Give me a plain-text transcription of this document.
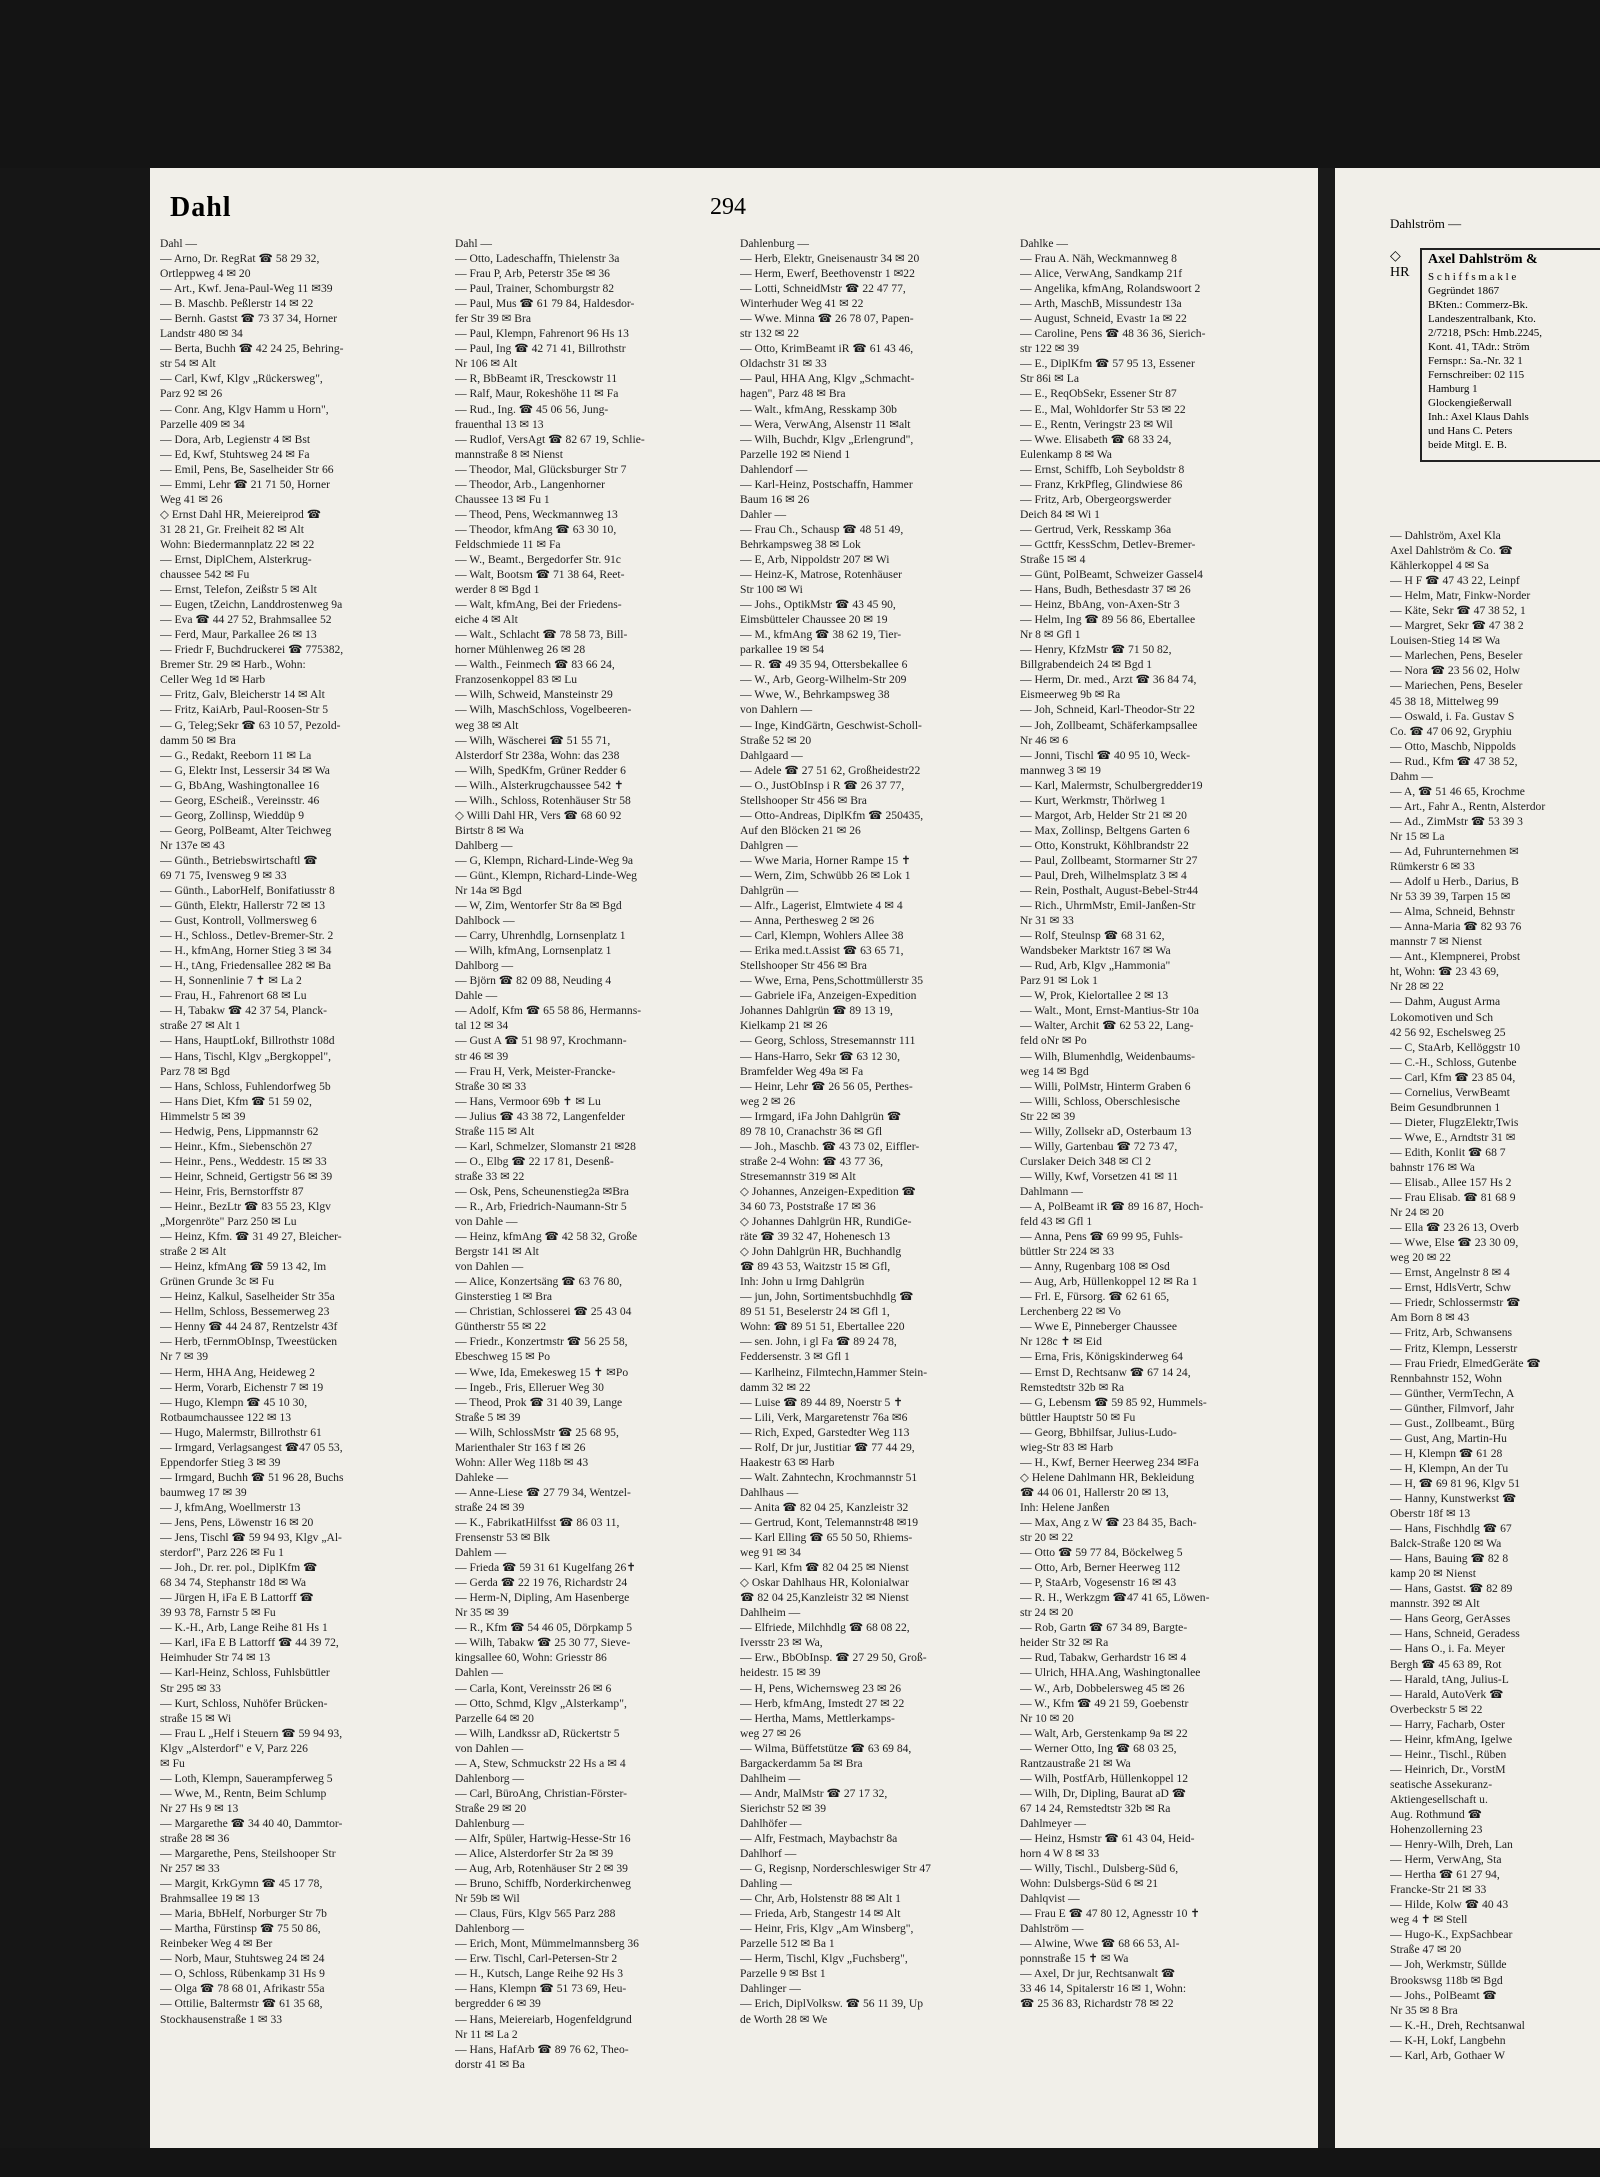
Dahl	294

Dahl —

— Arno, Dr. RegRat ☎ 58 29 32,

Ortleppweg 4 ✉ 20

— Art., Kwf. Jena-Paul-Weg 11 ✉39

— B. Maschb. Peßlerstr 14 ✉ 22

— Bernh. Gastst ☎ 73 37 34, Horner

Landstr 480 ✉ 34

— Berta, Buchh ☎ 42 24 25, Behring-

str 54 ✉ Alt

— Carl, Kwf, Klgv „Rückersweg",

Parz 92 ✉ 26

— Conr. Ang, Klgv Hamm u Horn",

Parzelle 409 ✉ 34

— Dora, Arb, Legienstr 4 ✉ Bst

— Ed, Kwf, Stuhtsweg 24 ✉ Fa

— Emil, Pens, Be, Saselheider Str 66

— Emmi, Lehr ☎ 21 71 50, Horner

Weg 41 ✉ 26

◇ Ernst Dahl HR, Meiereiprod ☎

31 28 21, Gr. Freiheit 82 ✉ Alt

Wohn: Biedermannplatz 22 ✉ 22

— Ernst, DiplChem, Alsterkrug-

chaussee 542 ✉ Fu

— Ernst, Telefon, Zeißstr 5 ✉ Alt

— Eugen, tZeichn, Landdrostenweg 9a

— Eva ☎ 44 27 52, Brahmsallee 52

— Ferd, Maur, Parkallee 26 ✉ 13

— Friedr F, Buchdruckerei ☎ 775382,

Bremer Str. 29 ✉ Harb., Wohn:

Celler Weg 1d ✉ Harb

— Fritz, Galv, Bleicherstr 14 ✉ Alt

— Fritz, KaiArb, Paul-Roosen-Str 5

— G, Teleg;Sekr ☎ 63 10 57, Pezold-

damm 50 ✉ Bra

— G., Redakt, Reeborn 11 ✉ La

— G, Elektr Inst, Lessersir 34 ✉ Wa

— G, BbAng, Washingtonallee 16

— Georg, EScheiß., Vereinsstr. 46

— Georg, Zollinsp, Wieddüp 9

— Georg, PolBeamt, Alter Teichweg

Nr 137e ✉ 43

— Günth., Betriebswirtschaftl ☎

69 71 75, Ivensweg 9 ✉ 33

— Günth., LaborHelf, Bonifatiusstr 8

— Günth, Elektr, Hallerstr 72 ✉ 13

— Gust, Kontroll, Vollmersweg 6

— H., Schloss., Detlev-Bremer-Str. 2

— H., kfmAng, Horner Stieg 3 ✉ 34

— H., tAng, Friedensallee 282 ✉ Ba

— H, Sonnenlinie 7 ✝ ✉ La 2

— Frau, H., Fahrenort 68 ✉ Lu

— H, Tabakw ☎ 42 37 54, Planck-

straße 27 ✉ Alt 1

— Hans, HauptLokf, Billrothstr 108d

— Hans, Tischl, Klgv „Bergkoppel",

Parz 78 ✉ Bgd

— Hans, Schloss, Fuhlendorfweg 5b

— Hans Diet, Kfm ☎ 51 59 02,

Himmelstr 5 ✉ 39

— Hedwig, Pens, Lippmannstr 62

— Heinr., Kfm., Siebenschön 27

— Heinr., Pens., Weddestr. 15 ✉ 33

— Heinr, Schneid, Gertigstr 56 ✉ 39

— Heinr, Fris, Bernstorffstr 87

— Heinr., BezLtr ☎ 83 55 23, Klgv

„Morgenröte" Parz 250 ✉ Lu

— Heinz, Kfm. ☎ 31 49 27, Bleicher-

straße 2 ✉ Alt

— Heinz, kfmAng ☎ 59 13 42, Im

Grünen Grunde 3c ✉ Fu

— Heinz, Kalkul, Saselheider Str 35a

— Hellm, Schloss, Bessemerweg 23

— Henny ☎ 44 24 87, Rentzelstr 43f

— Herb, tFernmObInsp, Tweestücken

Nr 7 ✉ 39

— Herm, HHA Ang, Heideweg 2

— Herm, Vorarb, Eichenstr 7 ✉ 19

— Hugo, Klempn ☎ 45 10 30,

Rotbaumchaussee 122 ✉ 13

— Hugo, Malermstr, Billrothstr 61

— Irmgard, Verlagsangest ☎47 05 53,

Eppendorfer Stieg 3 ✉ 39

— Irmgard, Buchh ☎ 51 96 28, Buchs

baumweg 17 ✉ 39

— J, kfmAng, Woellmerstr 13

— Jens, Pens, Löwenstr 16 ✉ 20

— Jens, Tischl ☎ 59 94 93, Klgv „Al-

sterdorf", Parz 226 ✉ Fu 1

— Joh., Dr. rer. pol., DiplKfm ☎

68 34 74, Stephanstr 18d ✉ Wa

— Jürgen H, iFa E B Lattorff ☎

39 93 78, Farnstr 5 ✉ Fu

— K.-H., Arb, Lange Reihe 81 Hs 1

— Karl, iFa E B Lattorff ☎ 44 39 72,

Heimhuder Str 74 ✉ 13

— Karl-Heinz, Schloss, Fuhlsbüttler

Str 295 ✉ 33

— Kurt, Schloss, Nuhöfer Brücken-

straße 15 ✉ Wi

— Frau L „Helf i Steuern ☎ 59 94 93,

Klgv „Alsterdorf" e V, Parz 226

✉ Fu

— Loth, Klempn, Sauerampferweg 5

— Wwe, M., Rentn, Beim Schlump

Nr 27 Hs 9 ✉ 13

— Margarethe ☎ 34 40 40, Dammtor-

straße 28 ✉ 36

— Margarethe, Pens, Steilshooper Str

Nr 257 ✉ 33

— Margit, KrkGymn ☎ 45 17 78,

Brahmsallee 19 ✉ 13

— Maria, BbHelf, Norburger Str 7b

— Martha, Fürstinsp ☎ 75 50 86,

Reinbeker Weg 4 ✉ Ber

— Norb, Maur, Stuhtsweg 24 ✉ 24

— O, Schloss, Rübenkamp 31 Hs 9

— Olga ☎ 78 68 01, Afrikastr 55a

— Ottilie, Baltermstr ☎ 61 35 68,

Stockhausenstraße 1 ✉ 33

Dahl —

— Otto, Ladeschaffn, Thielenstr 3a

— Frau P, Arb, Peterstr 35e ✉ 36

— Paul, Trainer, Schomburgstr 82

— Paul, Mus ☎ 61 79 84, Haldesdor-

fer Str 39 ✉ Bra

— Paul, Klempn, Fahrenort 96 Hs 13

— Paul, Ing ☎ 42 71 41, Billrothstr

Nr 106 ✉ Alt

— R, BbBeamt iR, Tresckowstr 11

— Ralf, Maur, Rokeshöhe 11 ✉ Fa

— Rud., Ing. ☎ 45 06 56, Jung-

frauenthal 13 ✉ 13

— Rudlof, VersAgt ☎ 82 67 19, Schlie-

mannstraße 8 ✉ Nienst

— Theodor, Mal, Glücksburger Str 7

— Theodor, Arb., Langenhorner

Chaussee 13 ✉ Fu 1

— Theod, Pens, Weckmannweg 13

— Theodor, kfmAng ☎ 63 30 10,

Feldschmiede 11 ✉ Fa

— W., Beamt., Bergedorfer Str. 91c

— Walt, Bootsm ☎ 71 38 64, Reet-

werder 8 ✉ Bgd 1

— Walt, kfmAng, Bei der Friedens-

eiche 4 ✉ Alt

— Walt., Schlacht ☎ 78 58 73, Bill-

horner Mühlenweg 26 ✉ 28

— Walth., Feinmech ☎ 83 66 24,

Franzosenkoppel 83 ✉ Lu

— Wilh, Schweid, Mansteinstr 29

— Wilh, MaschSchloss, Vogelbeeren-

weg 38 ✉ Alt

— Wilh, Wäscherei ☎ 51 55 71,

Alsterdorf Str 238a, Wohn: das 238

— Wilh, SpedKfm, Grüner Redder 6

— Wilh., Alsterkrugchaussee 542 ✝

— Wilh., Schloss, Rotenhäuser Str 58

◇ Willi Dahl HR, Vers ☎ 68 60 92

Birtstr 8 ✉ Wa

Dahlberg —

— G, Klempn, Richard-Linde-Weg 9a

— Günt., Klempn, Richard-Linde-Weg

Nr 14a ✉ Bgd

— W, Zim, Wentorfer Str 8a ✉ Bgd

Dahlbock —

— Carry, Uhrenhdlg, Lornsenplatz 1

— Wilh, kfmAng, Lornsenplatz 1

Dahlborg —

— Björn ☎ 82 09 88, Neuding 4

Dahle —

— Adolf, Kfm ☎ 65 58 86, Hermanns-

tal 12 ✉ 34

— Gust A ☎ 51 98 97, Krochmann-

str 46 ✉ 39

— Frau H, Verk, Meister-Francke-

Straße 30 ✉ 33

— Hans, Vermoor 69b ✝ ✉ Lu

— Julius ☎ 43 38 72, Langenfelder

Straße 115 ✉ Alt

— Karl, Schmelzer, Slomanstr 21 ✉28

— O., Elbg ☎ 22 17 81, Desenß-

straße 33 ✉ 22

— Osk, Pens, Scheunenstieg2a ✉Bra

— R., Arb, Friedrich-Naumann-Str 5

von Dahle —

— Heinz, kfmAng ☎ 42 58 32, Große

Bergstr 141 ✉ Alt

von Dahlen —

— Alice, Konzertsäng ☎ 63 76 80,

Ginsterstieg 1 ✉ Bra

— Christian, Schlosserei ☎ 25 43 04

Güntherstr 55 ✉ 22

— Friedr., Konzertmstr ☎ 56 25 58,

Ebeschweg 15 ✉ Po

— Wwe, Ida, Emekesweg 15 ✝ ✉Po

— Ingeb., Fris, Elleruer Weg 30

— Theod, Prok ☎ 31 40 39, Lange

Straße 5 ✉ 39

— Wilh, SchlossMstr ☎ 25 68 95,

Marienthaler Str 163 f ✉ 26

Wohn: Aller Weg 118b ✉ 43

Dahleke —

— Anne-Liese ☎ 27 79 34, Wentzel-

straße 24 ✉ 39

— K., FabrikatHilfsst ☎ 86 03 11,

Frensenstr 53 ✉ Blk

Dahlem —

— Frieda ☎ 59 31 61 Kugelfang 26✝

— Gerda ☎ 22 19 76, Richardstr 24

— Herm-N, Dipling, Am Hasenberge

Nr 35 ✉ 39

— R., Kfm ☎ 54 46 05, Dörpkamp 5

— Wilh, Tabakw ☎ 25 30 77, Sieve-

kingsallee 60, Wohn: Griesstr 86

Dahlen —

— Carla, Kont, Vereinsstr 26 ✉ 6

— Otto, Schmd, Klgv „Alsterkamp",

Parzelle 64 ✉ 20

— Wilh, Landkssr aD, Rückertstr 5

von Dahlen —

— A, Stew, Schmuckstr 22 Hs a ✉ 4

Dahlenborg —

— Carl, BüroAng, Christian-Förster-

Straße 29 ✉ 20

Dahlenburg —

— Alfr, Spüler, Hartwig-Hesse-Str 16

— Alice, Alsterdorfer Str 2a ✉ 39

— Aug, Arb, Rotenhäuser Str 2 ✉ 39

— Bruno, Schiffb, Norderkirchenweg

Nr 59b ✉ Wil

— Claus, Fürs, Klgv 565 Parz 288

Dahlenborg —

— Erich, Mont, Mümmelmannsberg 36

— Erw. Tischl, Carl-Petersen-Str 2

— H., Kutsch, Lange Reihe 92 Hs 3

— Hans, Klempn ☎ 51 73 69, Heu-

bergredder 6 ✉ 39

— Hans, Meiereiarb, Hogenfeldgrund

Nr 11 ✉ La 2

— Hans, HafArb ☎ 89 76 62, Theo-

dorstr 41 ✉ Ba

Dahlenburg —

— Herb, Elektr, Gneisenaustr 34 ✉ 20

— Herm, Ewerf, Beethovenstr 1 ✉22

— Lotti, SchneidMstr ☎ 22 47 77,

Winterhuder Weg 41 ✉ 22

— Wwe. Minna ☎ 26 78 07, Papen-

str 132 ✉ 22

— Otto, KrimBeamt iR ☎ 61 43 46,

Oldachstr 31 ✉ 33

— Paul, HHA Ang, Klgv „Schmacht-

hagen", Parz 48 ✉ Bra

— Walt., kfmAng, Resskamp 30b

— Wera, VerwAng, Alsenstr 11 ✉alt

— Wilh, Buchdr, Klgv „Erlengrund",

Parzelle 192 ✉ Niend 1

Dahlendorf —

— Karl-Heinz, Postschaffn, Hammer

Baum 16 ✉ 26

Dahler —

— Frau Ch., Schausp ☎ 48 51 49,

Behrkampsweg 38 ✉ Lok

— E, Arb, Nippoldstr 207 ✉ Wi

— Heinz-K, Matrose, Rotenhäuser

Str 100 ✉ Wi

— Johs., OptikMstr ☎ 43 45 90,

Eimsbütteler Chaussee 20 ✉ 19

— M., kfmAng ☎ 38 62 19, Tier-

parkallee 19 ✉ 54

— R. ☎ 49 35 94, Ottersbekallee 6

— W., Arb, Georg-Wilhelm-Str 209

— Wwe, W., Behrkampsweg 38

von Dahlern —

— Inge, KindGärtn, Geschwist-Scholl-

Straße 52 ✉ 20

Dahlgaard —

— Adele ☎ 27 51 62, Großheidestr22

— O., JustObInsp i R ☎ 26 37 77,

Stellshooper Str 456 ✉ Bra

— Otto-Andreas, DiplKfm ☎ 250435,

Auf den Blöcken 21 ✉ 26

Dahlgren —

— Wwe Maria, Horner Rampe 15 ✝

— Wern, Zim, Schwübb 26 ✉ Lok 1

Dahlgrün —

— Alfr., Lagerist, Elmtwiete 4 ✉ 4

— Anna, Perthesweg 2 ✉ 26

— Carl, Klempn, Wohlers Allee 38

— Erika med.t.Assist ☎ 63 65 71,

Stellshooper Str 456 ✉ Bra

— Wwe, Erna, Pens,Schottmüllerstr 35

— Gabriele iFa, Anzeigen-Expedition

Johannes Dahlgrün ☎ 89 13 19,

Kielkamp 21 ✉ 26

— Georg, Schloss, Stresemannstr 111

— Hans-Harro, Sekr ☎ 63 12 30,

Bramfelder Weg 49a ✉ Fa

— Heinr, Lehr ☎ 26 56 05, Perthes-

weg 2 ✉ 26

— Irmgard, iFa John Dahlgrün ☎

89 78 10, Cranachstr 36 ✉ Gfl

— Joh., Maschb. ☎ 43 73 02, Eiffler-

straße 2-4 Wohn: ☎ 43 77 36,

Stresemannstr 319 ✉ Alt

◇ Johannes, Anzeigen-Expedition ☎

34 60 73, Poststraße 17 ✉ 36

◇ Johannes Dahlgrün HR, RundiGe-

räte ☎ 39 32 47, Hohenesch 13

◇ John Dahlgrün HR, Buchhandlg

☎ 89 43 53, Waitzstr 15 ✉ Gfl,

Inh: John u Irmg Dahlgrün

— jun, John, Sortimentsbuchhdlg ☎

89 51 51, Beselerstr 24 ✉ Gfl 1,

Wohn: ☎ 89 51 51, Ebertallee 220

— sen. John, i gl Fa ☎ 89 24 78,

Feddersenstr. 3 ✉ Gfl 1

— Karlheinz, Filmtechn,Hammer Stein-

damm 32 ✉ 22

— Luise ☎ 89 44 89, Noerstr 5 ✝

— Lili, Verk, Margaretenstr 76a ✉6

— Rich, Exped, Garstedter Weg 113

— Rolf, Dr jur, Justitiar ☎ 77 44 29,

Haakestr 63 ✉ Harb

— Walt. Zahntechn, Krochmannstr 51

Dahlhaus —

— Anita ☎ 82 04 25, Kanzleistr 32

— Gertrud, Kont, Telemannstr48 ✉19

— Karl Elling ☎ 65 50 50, Rhiems-

weg 91 ✉ 34

— Karl, Kfm ☎ 82 04 25 ✉ Nienst

◇ Oskar Dahlhaus HR, Kolonialwar

☎ 82 04 25,Kanzleistr 32 ✉ Nienst

Dahlheim —

— Elfriede, Milchhdlg ☎ 68 08 22,

Iversstr 23 ✉ Wa,

— Erw., BbObInsp. ☎ 27 29 50, Groß-

heidestr. 15 ✉ 39

— H, Pens, Wichernsweg 23 ✉ 26

— Herb, kfmAng, Imstedt 27 ✉ 22

— Hertha, Mams, Mettlerkamps-

weg 27 ✉ 26

— Wilma, Büffetstütze ☎ 63 69 84,

Bargackerdamm 5a ✉ Bra

Dahlheim —

— Andr, MalMstr ☎ 27 17 32,

Sierichstr 52 ✉ 39

Dahlhöfer —

— Alfr, Festmach, Maybachstr 8a

Dahlhorf —

— G, Regisnp, Norderschleswiger Str 47

Dahling —

— Chr, Arb, Holstenstr 88 ✉ Alt 1

— Frieda, Arb, Stangestr 14 ✉ Alt

— Heinr, Fris, Klgv „Am Winsberg",

Parzelle 512 ✉ Ba 1

— Herm, Tischl, Klgv „Fuchsberg",

Parzelle 9 ✉ Bst 1

Dahlinger —

— Erich, DiplVolksw. ☎ 56 11 39, Up

de Worth 28 ✉ We

Dahlke —

— Frau A. Näh, Weckmannweg 8

— Alice, VerwAng, Sandkamp 21f

— Angelika, kfmAng, Rolandswoort 2

— Arth, MaschB, Missundestr 13a

— August, Schneid, Evastr 1a ✉ 22

— Caroline, Pens ☎ 48 36 36, Sierich-

str 122 ✉ 39

— E., DiplKfm ☎ 57 95 13, Essener

Str 86i ✉ La

— E., ReqObSekr, Essener Str 87

— E., Mal, Wohldorfer Str 53 ✉ 22

— E., Rentn, Veringstr 23 ✉ Wil

— Wwe. Elisabeth ☎ 68 33 24,

Eulenkamp 8 ✉ Wa

— Ernst, Schiffb, Loh Seyboldstr 8

— Franz, KrkPfleg, Glindwiese 86

— Fritz, Arb, Obergeorgswerder

Deich 84 ✉ Wi 1

— Gertrud, Verk, Resskamp 36a

— Gcttfr, KessSchm, Detlev-Bremer-

Straße 15 ✉ 4

— Günt, PolBeamt, Schweizer Gassel4

— Hans, Budh, Bethesdastr 37 ✉ 26

— Heinz, BbAng, von-Axen-Str 3

— Helm, Ing ☎ 89 56 86, Ebertallee

Nr 8 ✉ Gfl 1

— Henry, KfzMstr ☎ 71 50 82,

Billgrabendeich 24 ✉ Bgd 1

— Herm, Dr. med., Arzt ☎ 36 84 74,

Eismeerweg 9b ✉ Ra

— Joh, Schneid, Karl-Theodor-Str 22

— Joh, Zollbeamt, Schäferkampsallee

Nr 46 ✉ 6

— Jonni, Tischl ☎ 40 95 10, Weck-

mannweg 3 ✉ 19

— Karl, Malermstr, Schulbergredder19

— Kurt, Werkmstr, Thörlweg 1

— Margot, Arb, Helder Str 21 ✉ 20

— Max, Zollinsp, Beltgens Garten 6

— Otto, Konstrukt, Köhlbrandstr 22

— Paul, Zollbeamt, Stormarner Str 27

— Paul, Dreh, Wilhelmsplatz 3 ✉ 4

— Rein, Posthalt, August-Bebel-Str44

— Rich., UhrmMstr, Emil-Janßen-Str

Nr 31 ✉ 33

— Rolf, Steulnsp ☎ 68 31 62,

Wandsbeker Marktstr 167 ✉ Wa

— Rud, Arb, Klgv „Hammonia"

Parz 91 ✉ Lok 1

— W, Prok, Kielortallee 2 ✉ 13

— Walt., Mont, Ernst-Mantius-Str 10a

— Walter, Archit ☎ 62 53 22, Lang-

feld oNr ✉ Po

— Wilh, Blumenhdlg, Weidenbaums-

weg 14 ✉ Bgd

— Willi, PolMstr, Hinterm Graben 6

— Willi, Schloss, Oberschlesische

Str 22 ✉ 39

— Willy, Zollsekr aD, Osterbaum 13

— Willy, Gartenbau ☎ 72 73 47,

Curslaker Deich 348 ✉ Cl 2

— Willy, Kwf, Vorsetzen 41 ✉ 11

Dahlmann —

— A, PolBeamt iR ☎ 89 16 87, Hoch-

feld 43 ✉ Gfl 1

— Anna, Pens ☎ 69 99 95, Fuhls-

büttler Str 224 ✉ 33

— Anny, Rugenbarg 108 ✉ Osd

— Aug, Arb, Hüllenkoppel 12 ✉ Ra 1

— Frl. E, Fürsorg. ☎ 62 61 65,

Lerchenberg 22 ✉ Vo

— Wwe E, Pinneberger Chaussee

Nr 128c ✝ ✉ Eid

— Erna, Fris, Königskinderweg 64

— Ernst D, Rechtsanw ☎ 67 14 24,

Remstedtstr 32b ✉ Ra

— G, Lebensm ☎ 59 85 92, Hummels-

büttler Hauptstr 50 ✉ Fu

— Georg, Bbhilfsar, Julius-Ludo-

wieg-Str 83 ✉ Harb

— H., Kwf, Berner Heerweg 234 ✉Fa

◇ Helene Dahlmann HR, Bekleidung

☎ 44 06 01, Hallerstr 20 ✉ 13,

Inh: Helene Janßen

— Max, Ang z W ☎ 23 84 35, Bach-

str 20 ✉ 22

— Otto ☎ 59 77 84, Böckelweg 5

— Otto, Arb, Berner Heerweg 112

— P, StaArb, Vogesenstr 16 ✉ 43

— R. H., Werkzgm ☎47 41 65, Löwen-

str 24 ✉ 20

— Rob, Gartn ☎ 67 34 89, Bargte-

heider Str 32 ✉ Ra

— Rud, Tabakw, Gerhardstr 16 ✉ 4

— Ulrich, HHA.Ang, Washingtonallee

— W., Arb, Dobbelersweg 45 ✉ 26

— W., Kfm ☎ 49 21 59, Goebenstr

Nr 10 ✉ 20

— Walt, Arb, Gerstenkamp 9a ✉ 22

— Werner Otto, Ing ☎ 68 03 25,

Rantzaustraße 21 ✉ Wa

— Wilh, PostfArb, Hüllenkoppel 12

— Wilh, Dr, Dipling, Baurat aD ☎

67 14 24, Remstedtstr 32b ✉ Ra

Dahlmeyer —

— Heinz, Hsmstr ☎ 61 43 04, Heid-

horn 4 W 8 ✉ 33

— Willy, Tischl., Dulsberg-Süd 6,

Wohn: Dulsbergs-Süd 6 ✉ 21

Dahlqvist —

— Frau E ☎ 47 80 12, Agnesstr 10 ✝

Dahlström —

— Alwine, Wwe ☎ 68 66 53, Al-

ponnstraße 15 ✝ ✉ Wa

— Axel, Dr jur, Rechtsanwalt ☎

33 46 14, Spitalerstr 16 ✉ 1, Wohn:

☎ 25 36 83, Richardstr 78 ✉ 22

Dahlström —
◇
HR
Axel Dahlström &
S c h i f f s m a k l e
Gegründet 1867
BKten.: Commerz-Bk.
Landeszentralbank, Kto.
2/7218, PSch: Hmb.2245,
Kont. 41, TAdr.: Ström
Fernspr.: Sa.-Nr. 32 1
Fernschreiber: 02 115
Hamburg 1
Glockengießerwall
Inh.: Axel Klaus Dahls
und Hans C. Peters
beide Mitgl. E. B.

— Dahlström, Axel Kla

Axel Dahlström & Co. ☎

Kählerkoppel 4 ✉ Sa

— H F ☎ 47 43 22, Leinpf

— Helm, Matr, Finkw-Norder

— Käte, Sekr ☎ 47 38 52, 1

— Margret, Sekr ☎ 47 38 2

Louisen-Stieg 14 ✉ Wa

— Marlechen, Pens, Beseler

— Nora ☎ 23 56 02, Holw

— Mariechen, Pens, Beseler

45 38 18, Mittelweg 99

— Oswald, i. Fa. Gustav S

Co. ☎ 47 06 92, Gryphiu

— Otto, Maschb, Nippolds

— Rud., Kfm ☎ 47 38 52,

Dahm —

— A, ☎ 51 46 65, Krochme

— Art., Fahr A., Rentn, Alsterdor

— Ad., ZimMstr ☎ 53 39 3

Nr 15 ✉ La

— Ad, Fuhrunternehmen ✉

Rümkerstr 6 ✉ 33

— Adolf u Herb., Darius, B

Nr 53 39 39, Tarpen 15 ✉

— Alma, Schneid, Behnstr

— Anna-Maria ☎ 82 93 76

mannstr 7 ✉ Nienst

— Ant., Klempnerei, Probst

ht, Wohn: ☎ 23 43 69,

Nr 28 ✉ 22

— Dahm, August Arma

Lokomotiven und Sch

42 56 92, Eschelsweg 25

— C, StaArb, Kellöggstr 10

— C.-H., Schloss, Gutenbe

— Carl, Kfm ☎ 23 85 04,

— Cornelius, VerwBeamt

Beim Gesundbrunnen 1

— Dieter, FlugzElektr,Twis

— Wwe, E., Arndtstr 31 ✉

— Edith, Konlit ☎ 68 7

bahnstr 176 ✉ Wa

— Elisab., Allee 157 Hs 2

— Frau Elisab. ☎ 81 68 9

Nr 24 ✉ 20

— Ella ☎ 23 26 13, Overb

— Wwe, Else ☎ 23 30 09,

weg 20 ✉ 22

— Ernst, Angelnstr 8 ✉ 4

— Ernst, HdlsVertr, Schw

— Friedr, Schlossermstr ☎

Am Born 8 ✉ 43

— Fritz, Arb, Schwansens

— Fritz, Klempn, Lesserstr

— Frau Friedr, ElmedGeräte ☎

Rennbahnstr 152, Wohn

— Günther, VermTechn, A

— Günther, Filmvorf, Jahr

— Gust., Zollbeamt., Bürg

— Gust, Ang, Martin-Hu

— H, Klempn ☎ 61 28

— H, Klempn, An der Tu

— H, ☎ 69 81 96, Klgv 51

— Hanny, Kunstwerkst ☎

Oberstr 18f ✉ 13

— Hans, Fischhdlg ☎ 67

Balck-Straße 120 ✉ Wa

— Hans, Bauing ☎ 82 8

kamp 20 ✉ Nienst

— Hans, Gastst. ☎ 82 89

mannstr. 392 ✉ Alt

— Hans Georg, GerAsses

— Hans, Schneid, Geradess

— Hans O., i. Fa. Meyer

Bergh ☎ 45 63 89, Rot

— Harald, tAng, Julius-L

— Harald, AutoVerk ☎

Overbeckstr 5 ✉ 22

— Harry, Facharb, Oster

— Heinr, kfmAng, Igelwe

— Heinr., Tischl., Rüben

— Heinrich, Dr., VorstM

seatische Assekuranz-

Aktiengesellschaft u.

Aug. Rothmund ☎

Hohenzollerning 23

— Henry-Wilh, Dreh, Lan

— Herm, VerwAng, Sta

— Hertha ☎ 61 27 94,

Francke-Str 21 ✉ 33

— Hilde, Kolw ☎ 40 43

weg 4 ✝ ✉ Stell

— Hugo-K., ExpSachbear

Straße 47 ✉ 20

— Joh, Werkmstr, Süllde

Brookswsg 118b ✉ Bgd

— Johs., PolBeamt ☎

Nr 35 ✉ 8 Bra

— K.-H., Dreh, Rechtsanwal

— K-H, Lokf, Langbehn

— Karl, Arb, Gothaer W
